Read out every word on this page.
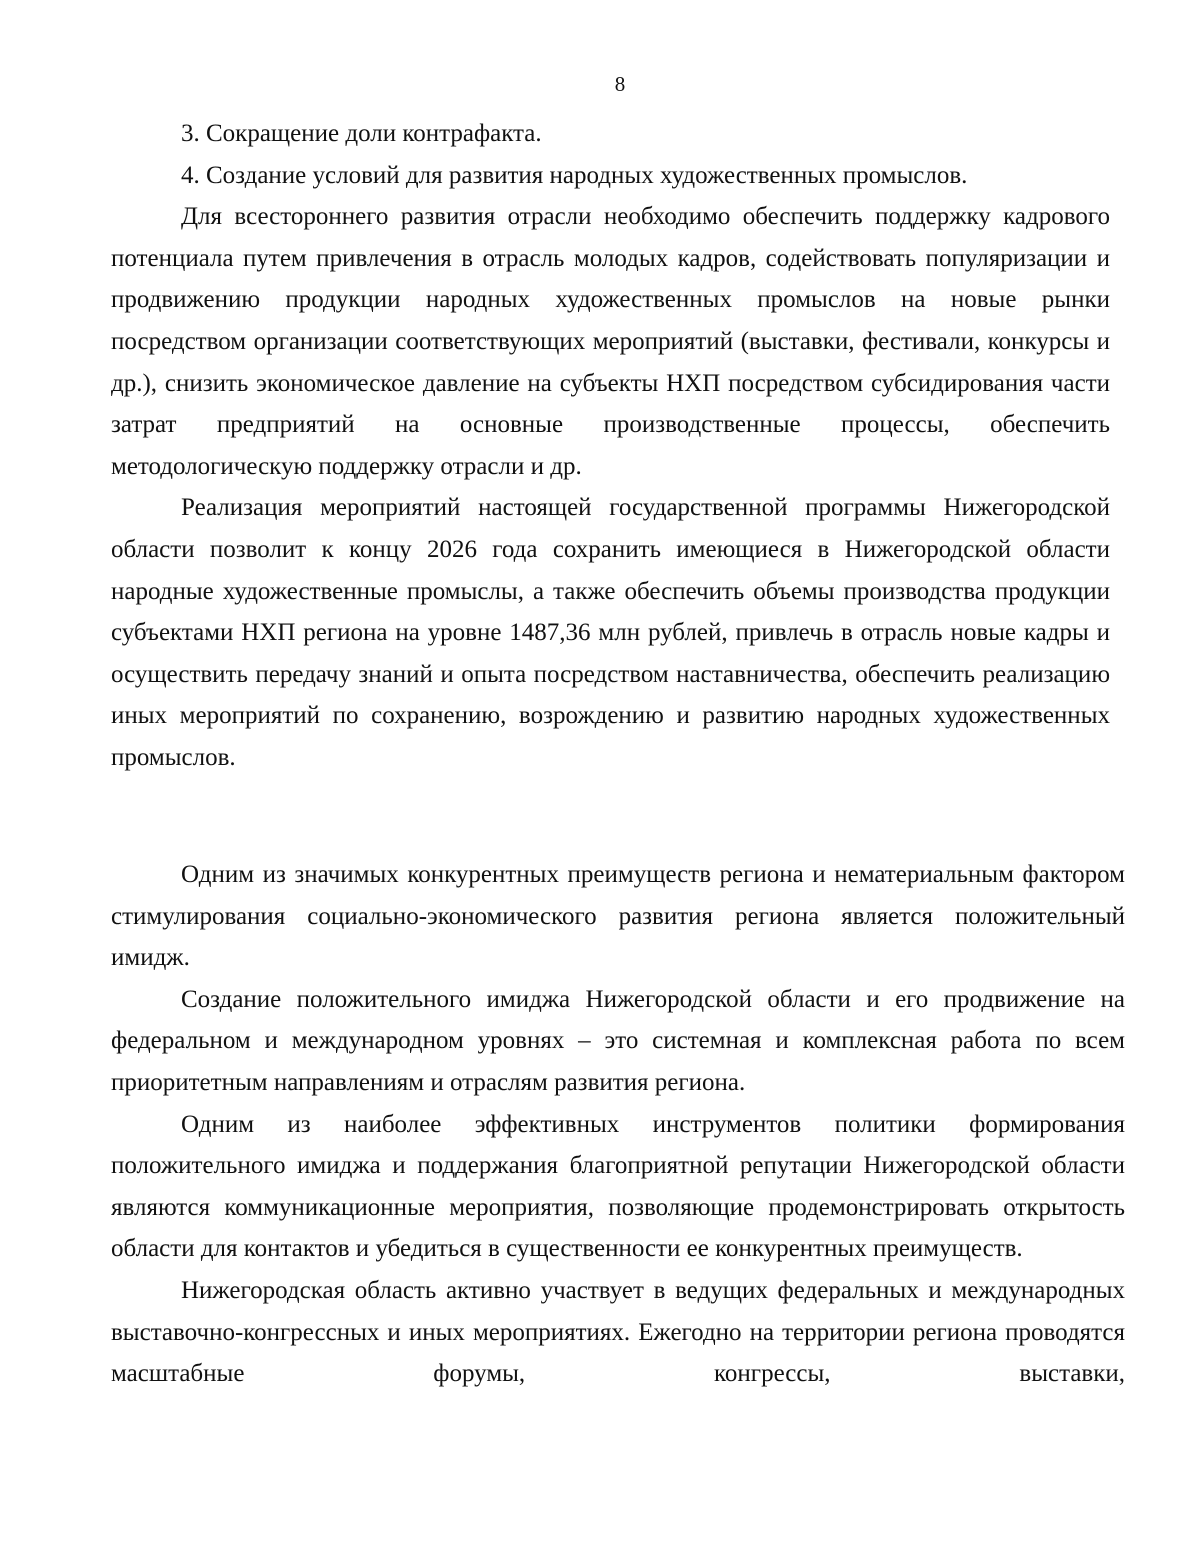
8

3. Сокращение доли контрафакта.

4. Создание условий для развития народных художественных промыслов.

Для всестороннего развития отрасли необходимо обеспечить поддержку кадрового потенциала путем привлечения в отрасль молодых кадров, содействовать популяризации и продвижению продукции народных художественных промыслов на новые рынки посредством организации соответствующих мероприятий (выставки, фестивали, конкурсы и др.), снизить экономическое давление на субъекты НХП посредством субсидирования части затрат предприятий на основные производственные процессы, обеспечить методологическую поддержку отрасли и др.

Реализация мероприятий настоящей государственной программы Нижегородской области позволит к концу 2026 года сохранить имеющиеся в Нижегородской области народные художественные промыслы, а также обеспечить объемы производства продукции субъектами НХП региона на уровне 1487,36 млн рублей, привлечь в отрасль новые кадры и осуществить передачу знаний и опыта посредством наставничества, обеспечить реализацию иных мероприятий по сохранению, возрождению и развитию народных художественных промыслов.

Одним из значимых конкурентных преимуществ региона и нематериальным фактором стимулирования социально-экономического развития региона является положительный имидж.

Создание положительного имиджа Нижегородской области и его продвижение на федеральном и международном уровнях – это системная и комплексная работа по всем приоритетным направлениям и отраслям развития региона.

Одним из наиболее эффективных инструментов политики формирования положительного имиджа и поддержания благоприятной репутации Нижегородской области являются коммуникационные мероприятия, позволяющие продемонстрировать открытость области для контактов и убедиться в существенности ее конкурентных преимуществ.

Нижегородская область активно участвует в ведущих федеральных и международных выставочно-конгрессных и иных мероприятиях. Ежегодно на территории региона проводятся масштабные форумы, конгрессы, выставки,
